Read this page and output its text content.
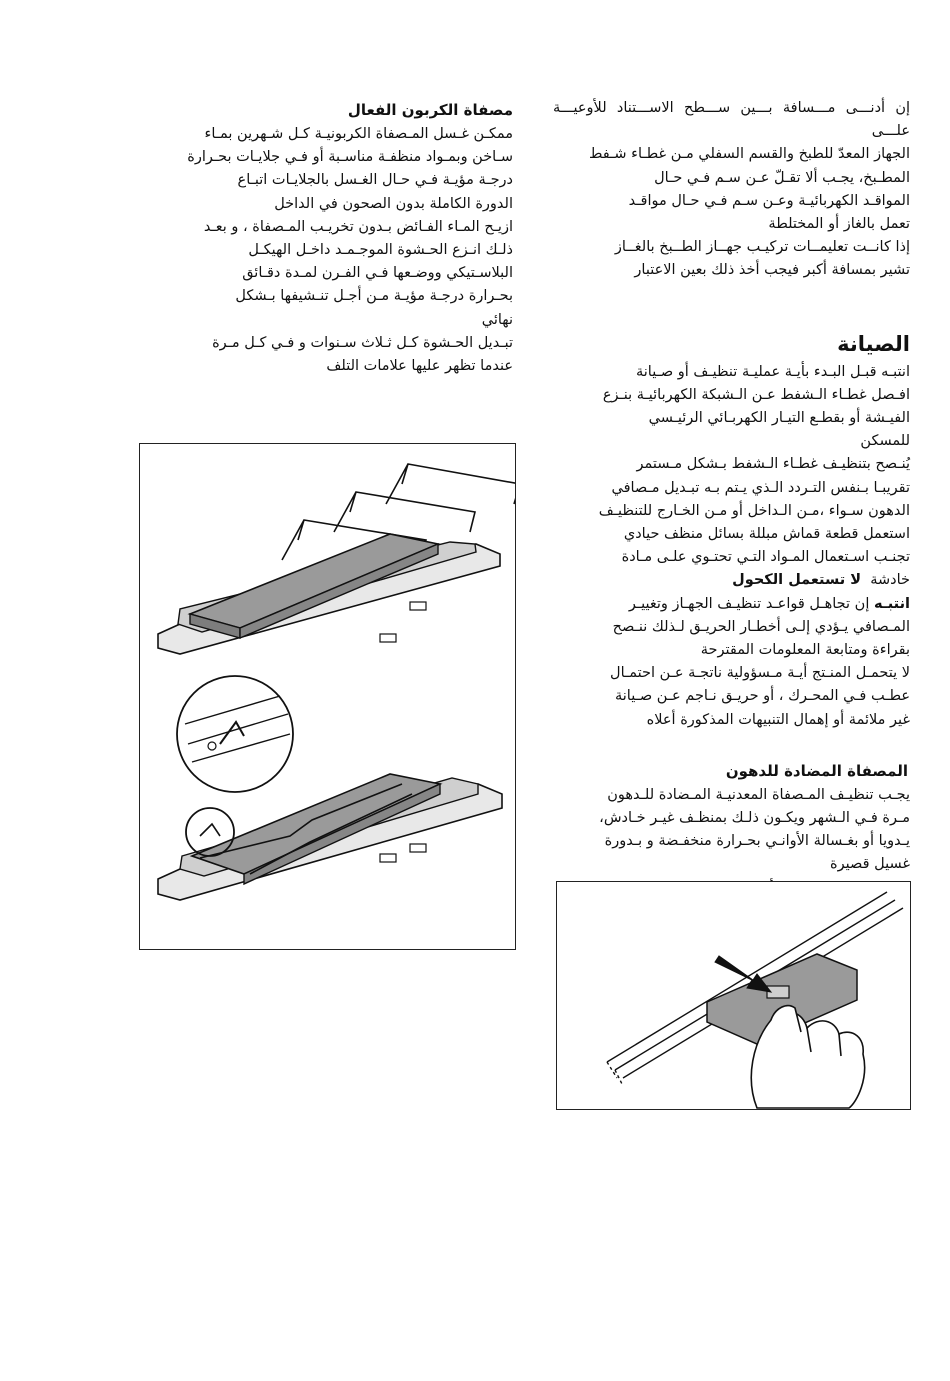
إن أدنـــى مـــسافة بـــين ســـطح الاســـتناد للأوعيـــة علـــى

الجهاز المعدّ للطبخ والقسم السفلي مـن غطـاء شـفط

المطـبخ، يجـب ألا تقـلّ عـن سـم فـي حـال

المواقـد الكهربائيـة وعـن سـم فـي حـال مواقـد

تعمل بالغاز أو المختلطة

إذا كانــت تعليمــات تركيـب جهــاز الطــبخ بالغــاز

تشير بمسافة أكبر فيجب أخذ ذلك بعين الاعتبار

الصيانة

انتبـه قبـل البـدء بأيـة عمليـة تنظيـف أو صـيانة

افـصل غطـاء الـشفط عـن الـشبكة الكهربائيـة بنـزع

الفيـشة أو بقطـع التيـار الكهربـائي الرئيـسي

للمسكن

يُنـصح بتنظيـف غطـاء الـشفط بـشكل مـستمر

تقريبـا بـنفس التـردد الـذي يـتم بـه تبـديل مـصافي

الدهون سـواء ،مـن الـداخل أو مـن الخـارج للتنظيـف

استعمل قطعة قماش مبللة بسائل منظف حيادي

تجنـب اسـتعمال المـواد التـي تحتـوي علـى مـادة

خادشة  لا تستعمل الكحول

انتبـه إن تجاهـل قواعـد تنظيـف الجهـاز وتغييـر

المـصافي يـؤدي إلـى أخطـار الحريـق لـذلك ننـصح

بقراءة ومتابعة المعلومات المقترحة

لا يتحمـل المنـتج أيـة مـسؤولية ناتجـة عـن احتمـال

عطـب فـي المحـرك ، أو حريـق نـاجم عـن صـيانة

غير ملائمة أو إهمال التنبيهات المذكورة أعلاه

المصفاة المضادة للدهون

يجـب تنظيـف المـصفاة المعدنيـة المـضادة للـدهون

مـرة فـي الـشهر ويكـون ذلـك بمنظـف غيـر خـادش،

يـدويا أو بغـسالة الأوانـي بحـرارة منخفـضة و بـدورة

غسيل قصيرة

مصفاة الكربون الفعال

ممكـن غـسل المـصفاة الكربونيـة كـل شـهرين بمـاء

سـاخن وبمـواد منظفـة مناسـبة أو فـي جلايـات بحـرارة

درجـة مؤيـة فـي حـال الغـسل بالجلايـات اتبـاع

الدورة الكاملة بدون الصحون في الداخل

ازيـح المـاء الفـائض بـدون تخريـب المـصفاة ، و بعـد

ذلـك انـزع الحـشوة الموجـمـد داخـل الهيكـل

البلاسـتيكي ووضـعها فـي الفـرن لمـدة دقـائق

بحـرارة درجـة مؤيـة مـن أجـل تنـشيفها بـشكل

نهائي

تبـديل الحـشوة كـل ثـلاث سـنوات و فـي كـل مـرة

عندما تظهر عليها علامات التلف
